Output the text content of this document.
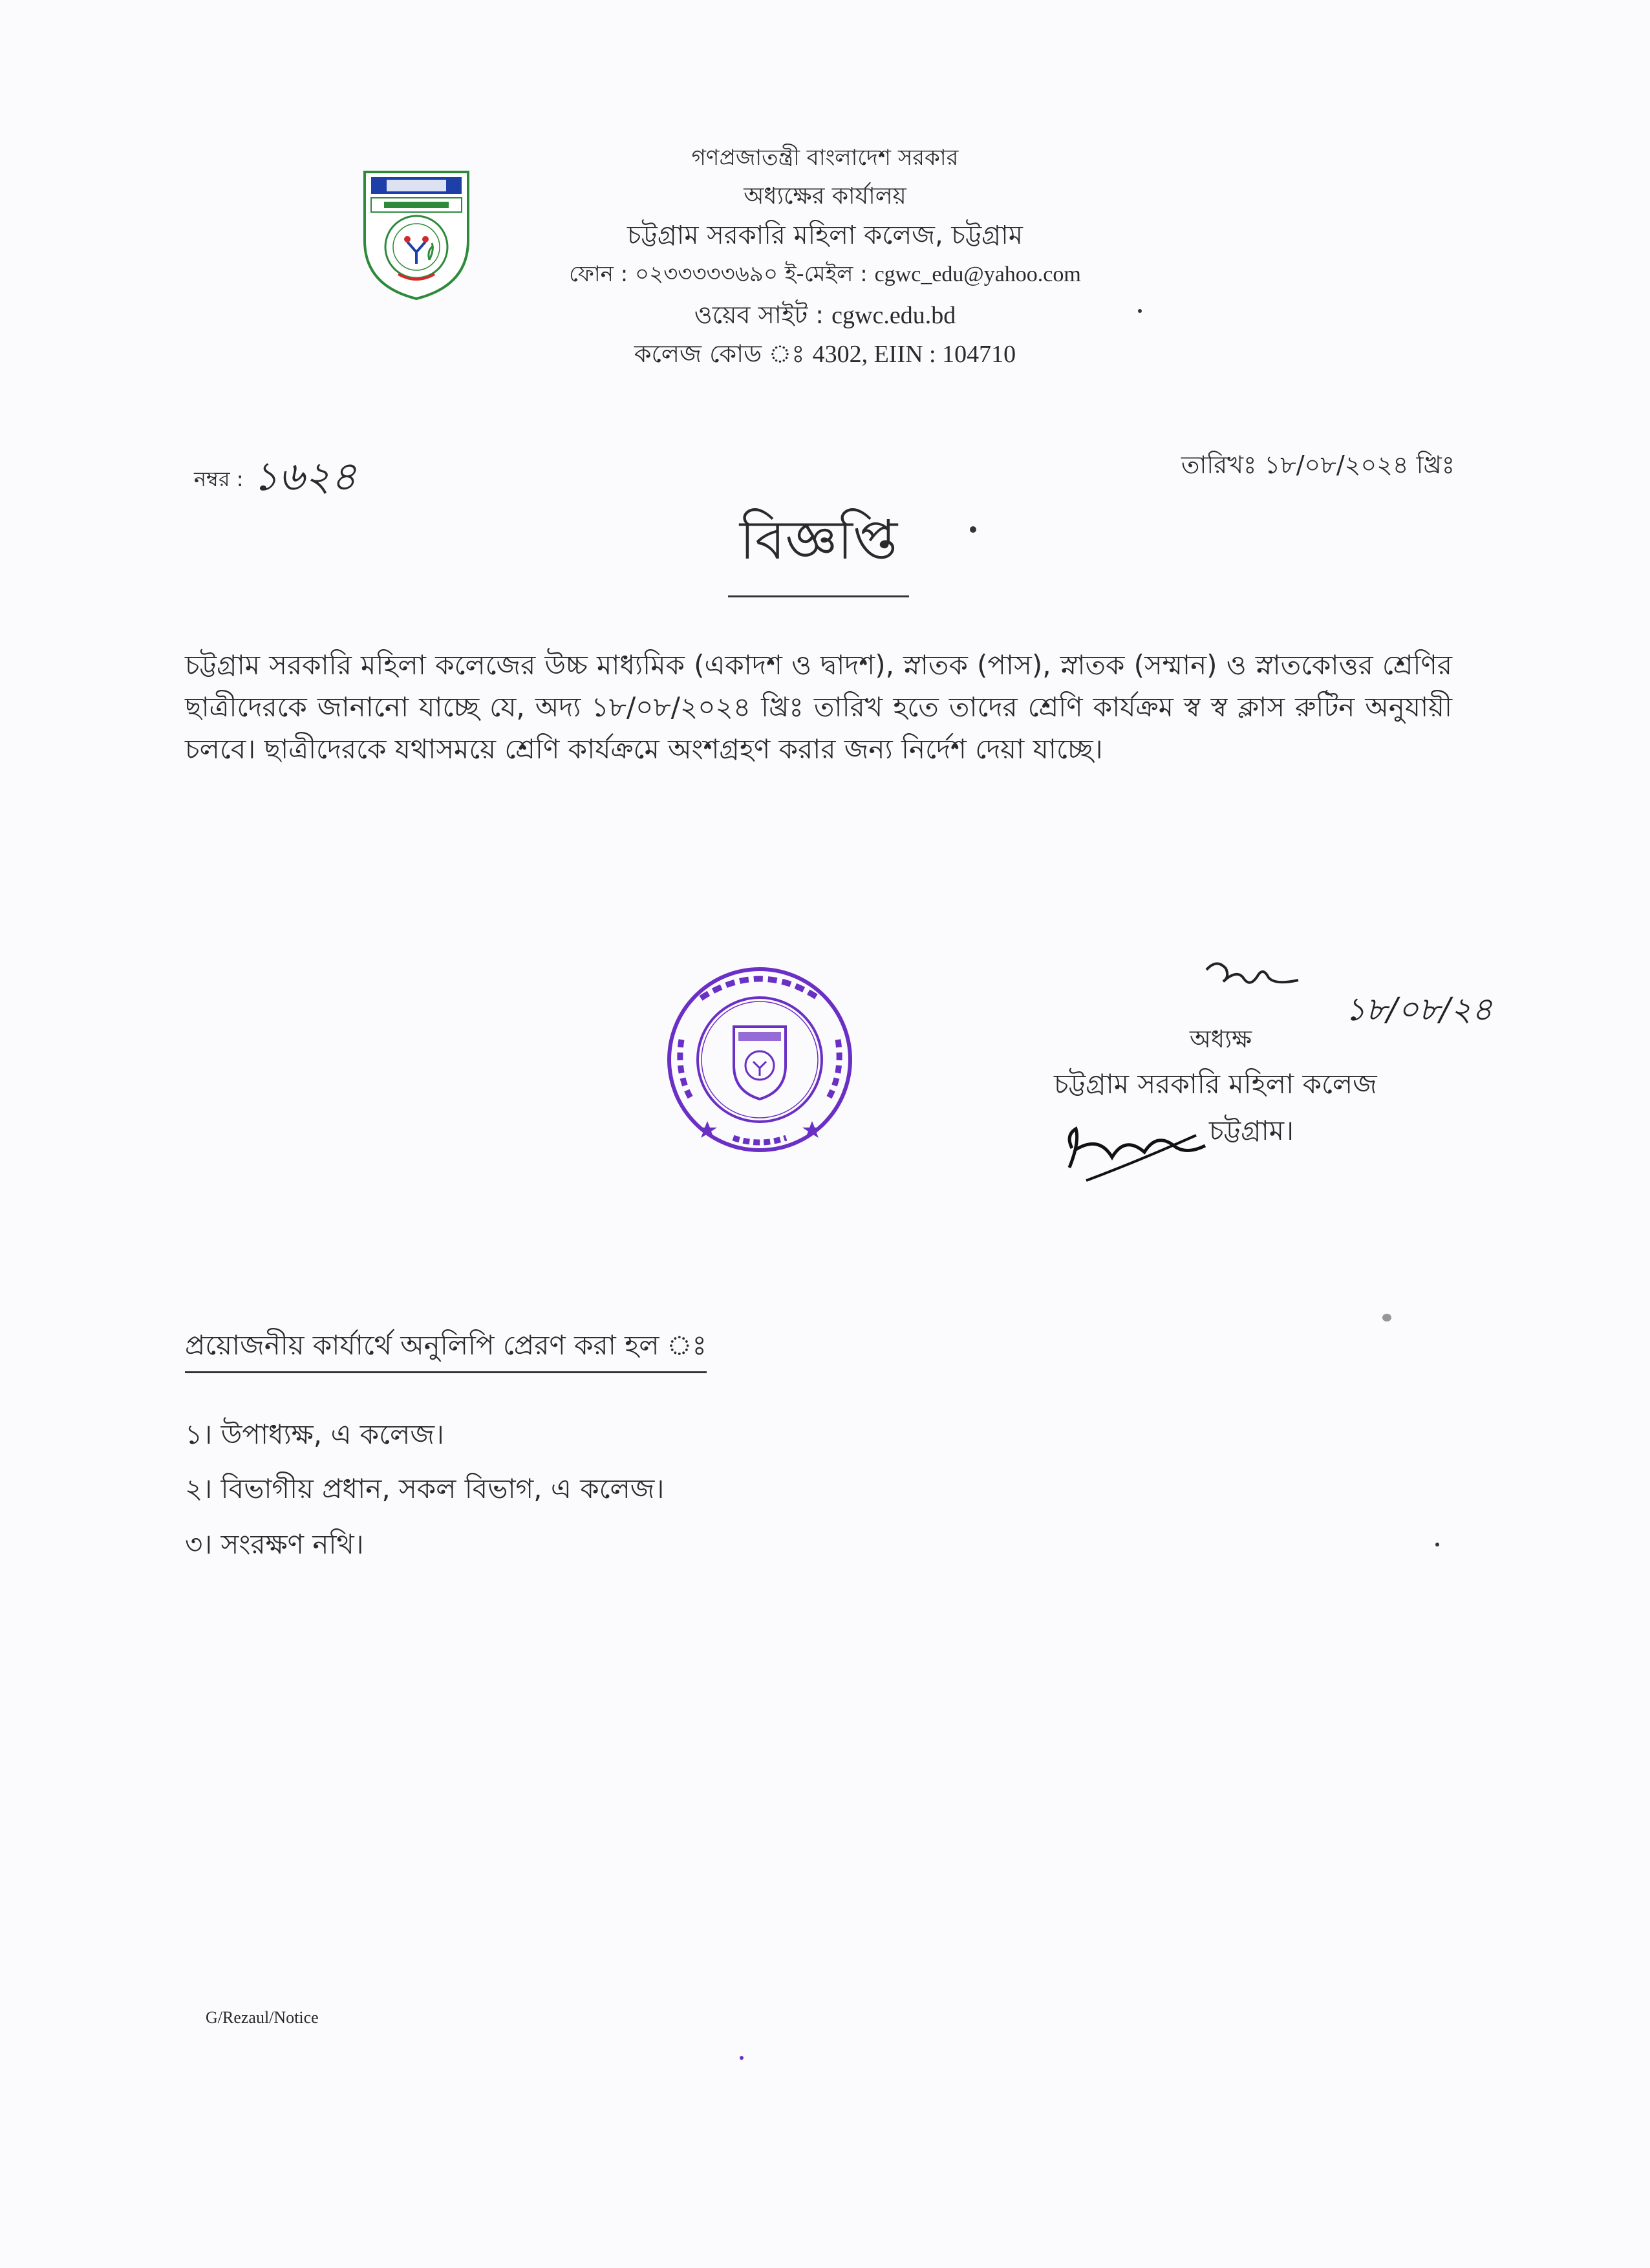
গণপ্রজাতন্ত্রী বাংলাদেশ সরকার
অধ্যক্ষের কার্যালয়
চট্টগ্রাম সরকারি মহিলা কলেজ, চট্টগ্রাম
ফোন : ০২৩৩৩৩৩৬৯০ ই-মেইল : cgwc_edu@yahoo.com
ওয়েব সাইট : cgwc.edu.bd
কলেজ কোড ঃ 4302, EIIN : 104710
নম্বর : ১৬২৪	তারিখঃ ১৮/০৮/২০২৪ খ্রিঃ
বিজ্ঞপ্তি
চট্টগ্রাম সরকারি মহিলা কলেজের উচ্চ মাধ্যমিক (একাদশ ও দ্বাদশ), স্নাতক (পাস), স্নাতক (সম্মান) ও স্নাতকোত্তর শ্রেণির ছাত্রীদেরকে জানানো যাচ্ছে যে, অদ্য ১৮/০৮/২০২৪ খ্রিঃ তারিখ হতে তাদের শ্রেণি কার্যক্রম স্ব স্ব ক্লাস রুটিন অনুযায়ী চলবে। ছাত্রীদেরকে যথাসময়ে শ্রেণি কার্যক্রমে অংশগ্রহণ করার জন্য নির্দেশ দেয়া যাচ্ছে।
১৮/০৮/২৪
অধ্যক্ষ
চট্টগ্রাম সরকারি মহিলা কলেজ
চট্টগ্রাম।
প্রয়োজনীয় কার্যার্থে অনুলিপি প্রেরণ করা হল ঃ
১। উপাধ্যক্ষ, এ কলেজ।
২। বিভাগীয় প্রধান, সকল বিভাগ, এ কলেজ।
৩। সংরক্ষণ নথি।
G/Rezaul/Notice
